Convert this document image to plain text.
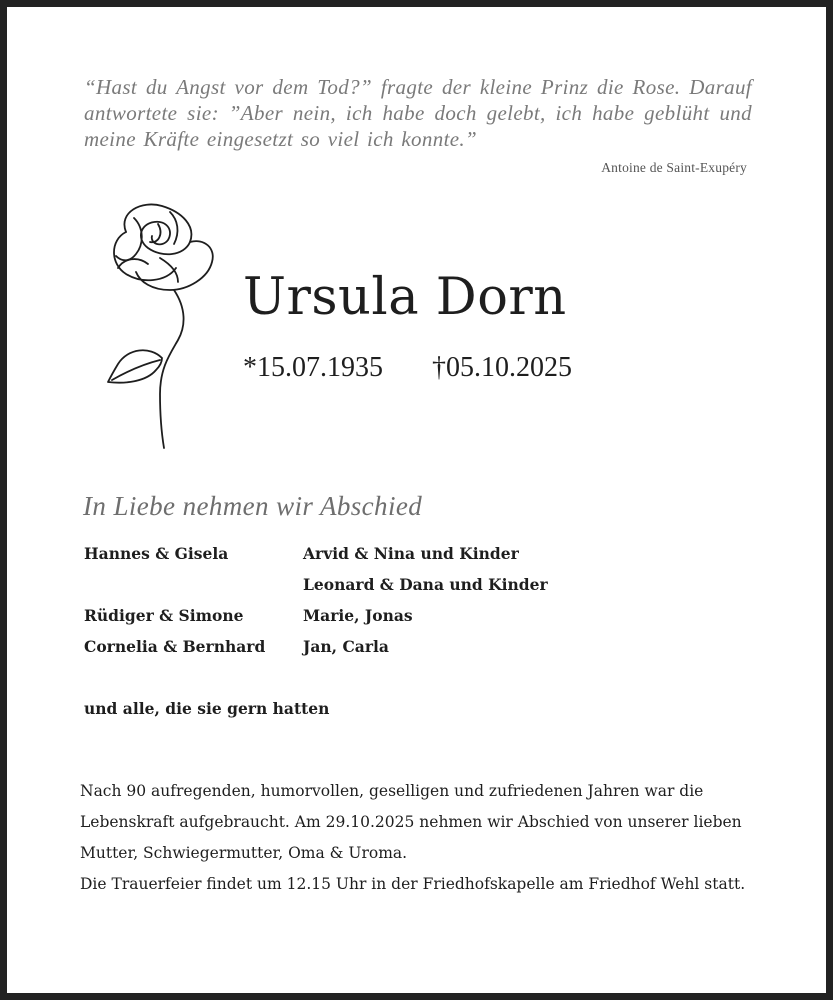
“Hast du Angst vor dem Tod?” fragte der kleine Prinz die Rose. Darauf antwortete sie: ”Aber nein, ich habe doch gelebt, ich habe geblüht und meine Kräfte eingesetzt so viel ich konnte.”
Antoine de Saint-Exupéry
Ursula Dorn
*15.07.1935 †05.10.2025
In Liebe nehmen wir Abschied
Hannes & Gisela
Rüdiger & Simone
Cornelia & Bernhard
Arvid & Nina und Kinder
Leonard & Dana und Kinder
Marie, Jonas
Jan, Carla
und alle, die sie gern hatten
Nach 90 aufregenden, humorvollen, geselligen und zufriedenen Jahren war die
Lebenskraft aufgebraucht. Am 29.10.2025 nehmen wir Abschied von unserer lieben
Mutter, Schwiegermutter, Oma & Uroma.
Die Trauerfeier findet um 12.15 Uhr in der Friedhofskapelle am Friedhof Wehl statt.
